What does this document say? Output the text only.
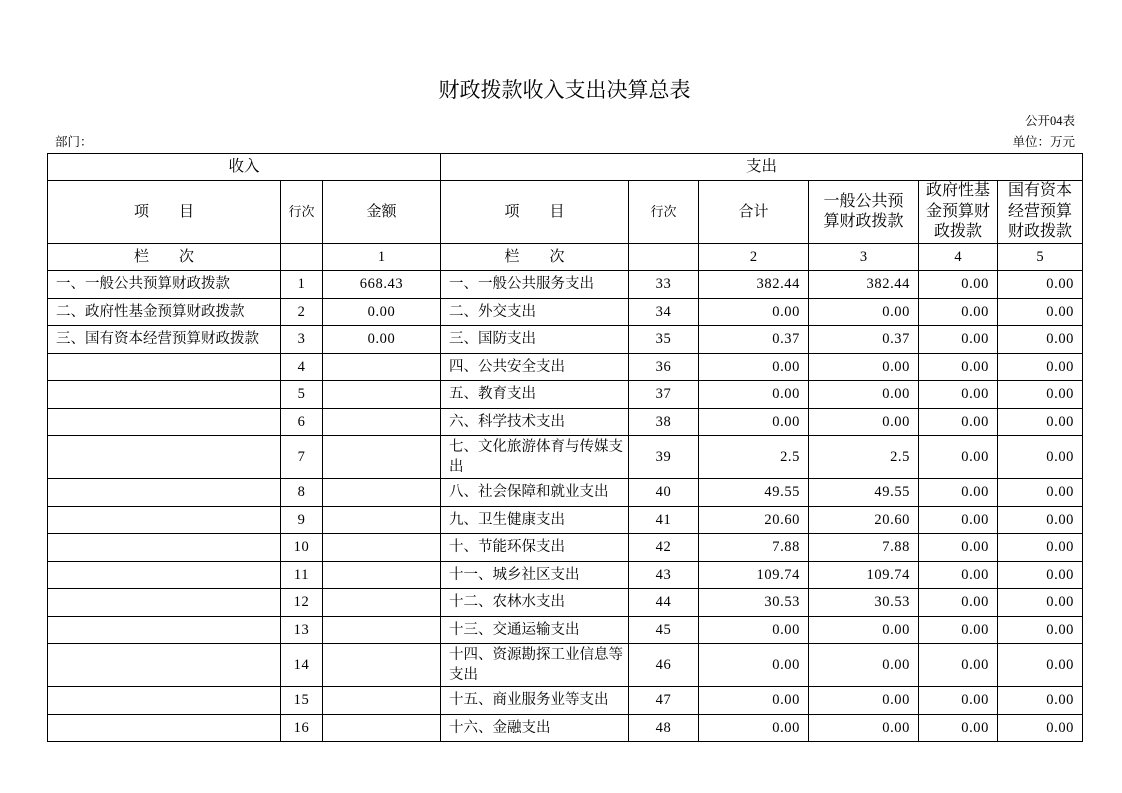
财政拨款收入支出决算总表
公开04表
部门：	单位：万元
收入			支出					
项　　目	行次	金额	项　　目	行次	合计	一般公共预算财政拨款	政府性基金预算财政拨款	国有资本经营预算财政拨款
栏　　次		1	栏　　次		2	3	4	5
一、一般公共预算财政拨款	1	668.43	一、一般公共服务支出	33	382.44	382.44	0.00	0.00
二、政府性基金预算财政拨款	2	0.00	二、外交支出	34	0.00	0.00	0.00	0.00
三、国有资本经营预算财政拨款	3	0.00	三、国防支出	35	0.37	0.37	0.00	0.00
	4		四、公共安全支出	36	0.00	0.00	0.00	0.00
	5		五、教育支出	37	0.00	0.00	0.00	0.00
	6		六、科学技术支出	38	0.00	0.00	0.00	0.00
	7		七、文化旅游体育与传媒支出	39	2.5	2.5	0.00	0.00
	8		八、社会保障和就业支出	40	49.55	49.55	0.00	0.00
	9		九、卫生健康支出	41	20.60	20.60	0.00	0.00
	10		十、节能环保支出	42	7.88	7.88	0.00	0.00
	11		十一、城乡社区支出	43	109.74	109.74	0.00	0.00
	12		十二、农林水支出	44	30.53	30.53	0.00	0.00
	13		十三、交通运输支出	45	0.00	0.00	0.00	0.00
	14		十四、资源勘探工业信息等支出	46	0.00	0.00	0.00	0.00
	15		十五、商业服务业等支出	47	0.00	0.00	0.00	0.00
	16		十六、金融支出	48	0.00	0.00	0.00	0.00
